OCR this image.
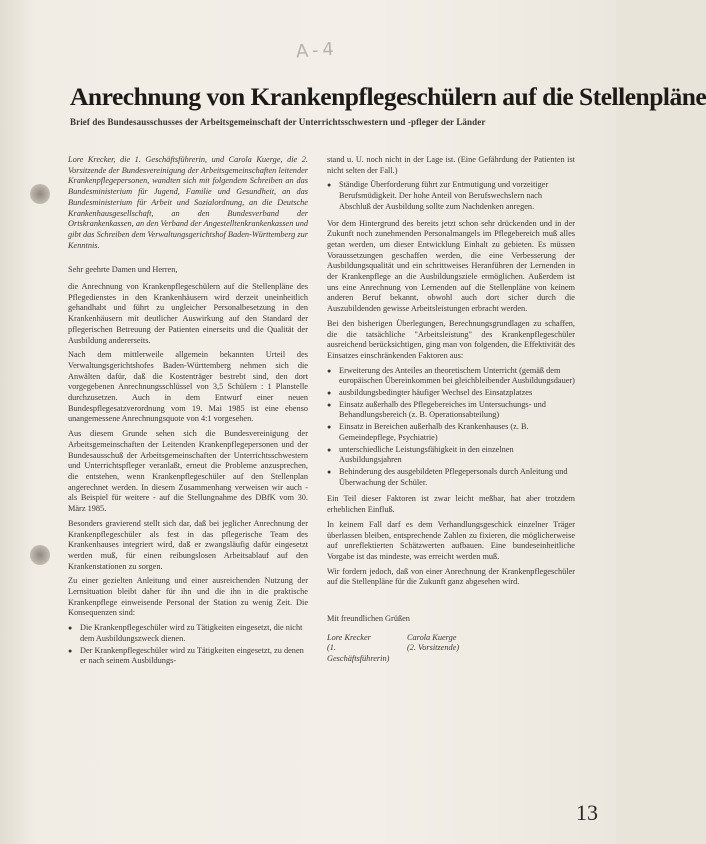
A-4
Anrechnung von Krankenpflegeschülern auf die Stellenpläne
Brief des Bundesausschusses der Arbeitsgemeinschaft der Unterrichtsschwestern und -pfleger der Länder

Lore Krecker, die 1. Geschäftsführerin, und Carola Kuerge, die 2. Vorsitzende der Bundesvereinigung der Arbeitsgemeinschaften leitender Krankenpflegepersonen, wandten sich mit folgendem Schreiben an das Bundesministerium für Jugend, Familie und Gesundheit, an das Bundesministerium für Arbeit und Sozialordnung, an die Deutsche Krankenhausgesellschaft, an den Bundesverband der Ortskrankenkassen, an den Verband der Angestelltenkrankenkassen und gibt das Schreiben dem Verwaltungsgerichtshof Baden-Württemberg zur Kenntnis.

Sehr geehrte Damen und Herren,

die Anrechnung von Krankenpflegeschülern auf die Stellenpläne des Pflegedienstes in den Krankenhäusern wird derzeit uneinheitlich gehandhabt und führt zu ungleicher Personalbesetzung in den Krankenhäusern mit deutlicher Auswirkung auf den Standard der pflegerischen Betreuung der Patienten einerseits und die Qualität der Ausbildung andererseits.

Nach dem mittlerweile allgemein bekannten Urteil des Verwaltungsgerichtshofes Baden-Württemberg nehmen sich die Anwälten dafür, daß die Kostenträger bestrebt sind, den dort vorgegebenen Anrechnungsschlüssel von 3,5 Schülern : 1 Planstelle durchzusetzen. Auch in dem Entwurf einer neuen Bundespflegesatzverordnung vom 19. Mai 1985 ist eine ebenso unangemessene Anrechnungsquote von 4:1 vorgesehen.

Aus diesem Grunde sehen sich die Bundesvereinigung der Arbeitsgemeinschaften der Leitenden Krankenpflegepersonen und der Bundesausschuß der Arbeitsgemeinschaften der Unterrichtsschwestern und Unterrichtspfleger veranlaßt, erneut die Probleme anzusprechen, die entstehen, wenn Krankenpflegeschüler auf den Stellenplan angerechnet werden. In diesem Zusammenhang verweisen wir auch - als Beispiel für weitere - auf die Stellungnahme des DBfK vom 30. März 1985.

Besonders gravierend stellt sich dar, daß bei jeglicher Anrechnung der Krankenpflegeschüler als fest in das pflegerische Team des Krankenhauses integriert wird, daß er zwangsläufig dafür eingesetzt werden muß, für einen reibungslosen Arbeitsablauf auf den Krankenstationen zu sorgen.

Zu einer gezielten Anleitung und einer ausreichenden Nutzung der Lernsituation bleibt daher für ihn und die ihn in die praktische Krankenpflege einweisende Personal der Station zu wenig Zeit. Die Konsequenzen sind:

● Die Krankenpflegeschüler wird zu Tätigkeiten eingesetzt, die nicht dem Ausbildungszweck dienen.
● Der Krankenpflegeschüler wird zu Tätigkeiten eingesetzt, zu denen er nach seinem Ausbildungs-

stand u. U. noch nicht in der Lage ist. (Eine Gefährdung der Patienten ist nicht selten der Fall.)

● Ständige Überforderung führt zur Entmutigung und vorzeitiger Berufsmüdigkeit. Der hohe Anteil von Berufswechslern nach Abschluß der Ausbildung sollte zum Nachdenken anregen.

Vor dem Hintergrund des bereits jetzt schon sehr drückenden und in der Zukunft noch zunehmenden Personalmangels im Pflegebereich muß alles getan werden, um dieser Entwicklung Einhalt zu gebieten. Es müssen Voraussetzungen geschaffen werden, die eine Verbesserung der Ausbildungsqualität und ein schrittweises Heranführen der Lernenden in der Krankenpflege an die Ausbildungsziele ermöglichen. Außerdem ist uns eine Anrechnung von Lernenden auf die Stellenpläne von keinem anderen Beruf bekannt, obwohl auch dort sicher durch die Auszubildenden gewisse Arbeitsleistungen erbracht werden.

Bei den bisherigen Überlegungen, Berechnungsgrundlagen zu schaffen, die die tatsächliche "Arbeitsleistung" des Krankenpflegeschüler ausreichend berücksichtigen, ging man von folgenden, die Effektivität des Einsatzes einschränkenden Faktoren aus:

● Erweiterung des Anteiles an theoretischem Unterricht (gemäß dem europäischen Übereinkommen bei gleichbleibender Ausbildungsdauer)
● ausbildungsbedingter häufiger Wechsel des Einsatzplatzes
● Einsatz außerhalb des Pflegebereiches im Untersuchungs- und Behandlungsbereich (z. B. Operationsabteilung)
● Einsatz in Bereichen außerhalb des Krankenhauses (z. B. Gemeindepflege, Psychiatrie)
● unterschiedliche Leistungsfähigkeit in den einzelnen Ausbildungsjahren
● Behinderung des ausgebildeten Pflegepersonals durch Anleitung und Überwachung der Schüler.

Ein Teil dieser Faktoren ist zwar leicht meßbar, hat aber trotzdem erheblichen Einfluß.

In keinem Fall darf es dem Verhandlungsgeschick einzelner Träger überlassen bleiben, entsprechende Zahlen zu fixieren, die möglicherweise auf unreflektierten Schätzwerten aufbauen. Eine bundeseinheitliche Vorgabe ist das mindeste, was erreicht werden muß.

Wir fordern jedoch, daß von einer Anrechnung der Krankenpflegeschüler auf die Stellenpläne für die Zukunft ganz abgesehen wird.

Mit freundlichen Grüßen

Lore Krecker
(1. Geschäftsführerin)
Carola Kuerge
(2. Vorsitzende)
13
